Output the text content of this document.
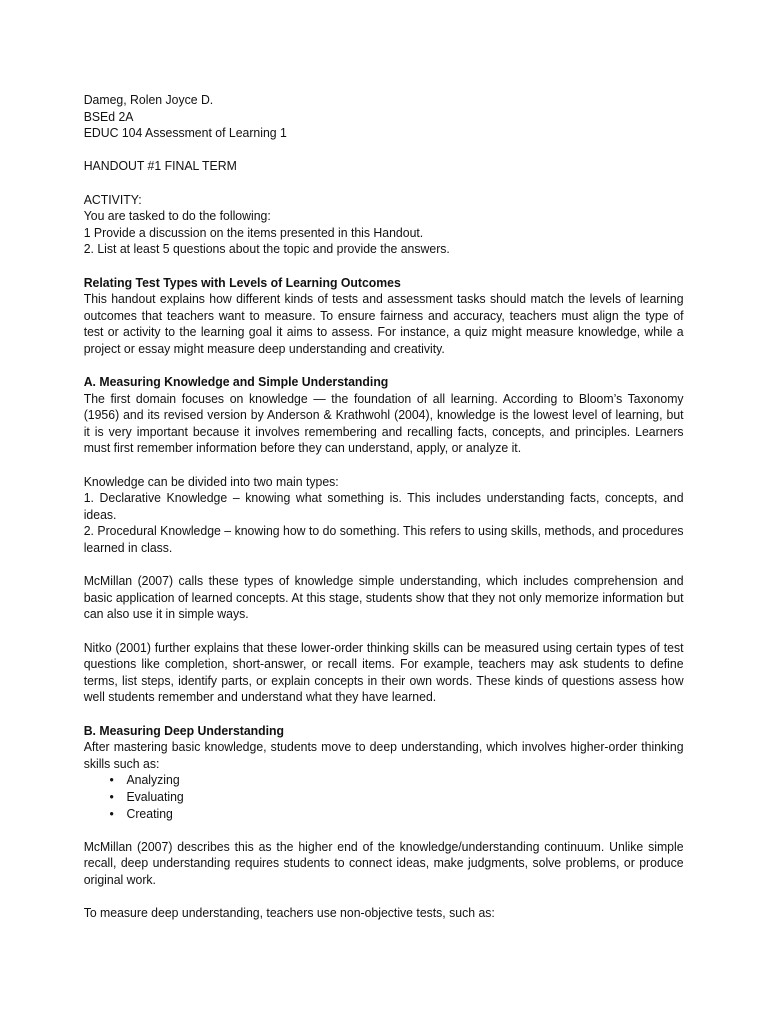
Dameg, Rolen Joyce D.

BSEd 2A

EDUC 104 Assessment of Learning 1

HANDOUT #1 FINAL TERM

ACTIVITY:

You are tasked to do the following:

1 Provide a discussion on the items presented in this Handout.

2. List at least 5 questions about the topic and provide the answers.

Relating Test Types with Levels of Learning Outcomes

This handout explains how different kinds of tests and assessment tasks should match the levels of learning outcomes that teachers want to measure. To ensure fairness and accuracy, teachers must align the type of test or activity to the learning goal it aims to assess. For instance, a quiz might measure knowledge, while a project or essay might measure deep understanding and creativity.

A. Measuring Knowledge and Simple Understanding

The first domain focuses on knowledge — the foundation of all learning. According to Bloom’s Taxonomy (1956) and its revised version by Anderson & Krathwohl (2004), knowledge is the lowest level of learning, but it is very important because it involves remembering and recalling facts, concepts, and principles. Learners must first remember information before they can understand, apply, or analyze it.

Knowledge can be divided into two main types:

1. Declarative Knowledge – knowing what something is. This includes understanding facts, concepts, and ideas.

2. Procedural Knowledge – knowing how to do something. This refers to using skills, methods, and procedures learned in class.

McMillan (2007) calls these types of knowledge simple understanding, which includes comprehension and basic application of learned concepts. At this stage, students show that they not only memorize information but can also use it in simple ways.

Nitko (2001) further explains that these lower-order thinking skills can be measured using certain types of test questions like completion, short-answer, or recall items. For example, teachers may ask students to define terms, list steps, identify parts, or explain concepts in their own words. These kinds of questions assess how well students remember and understand what they have learned.

B. Measuring Deep Understanding

After mastering basic knowledge, students move to deep understanding, which involves higher-order thinking skills such as:

• Analyzing
• Evaluating
• Creating

McMillan (2007) describes this as the higher end of the knowledge/understanding continuum. Unlike simple recall, deep understanding requires students to connect ideas, make judgments, solve problems, or produce original work.

To measure deep understanding, teachers use non-objective tests, such as:
